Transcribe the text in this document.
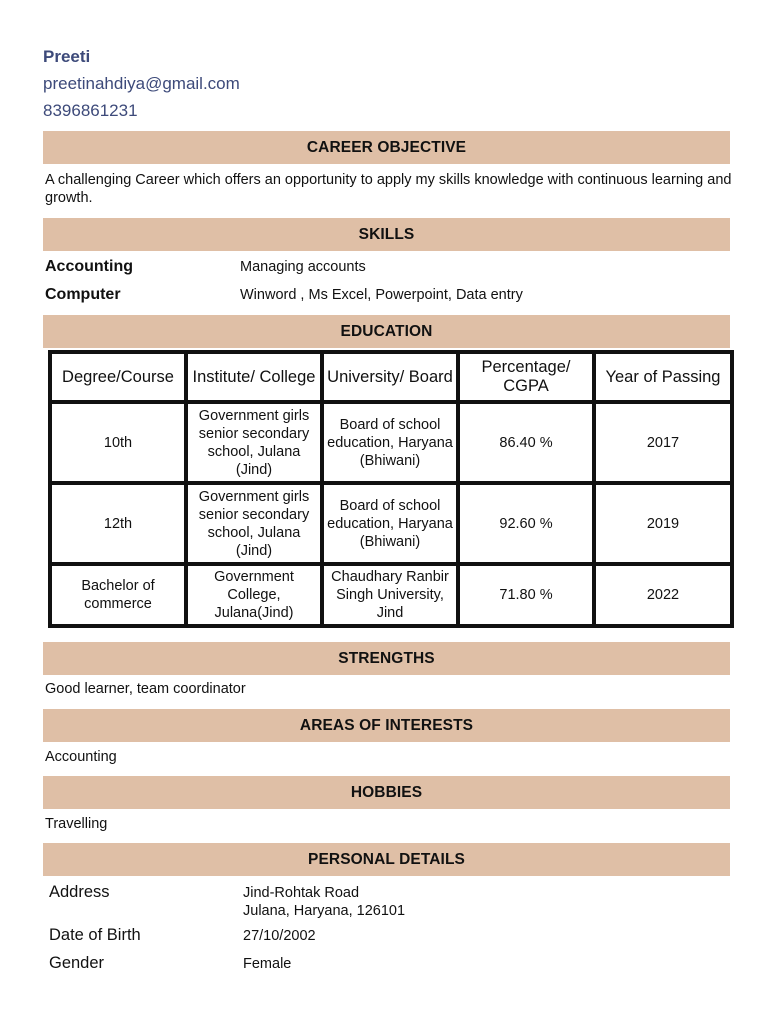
Preeti
preetinahdiya@gmail.com
8396861231
CAREER OBJECTIVE
A challenging Career which offers an opportunity to apply my skills knowledge with continuous learning and growth.
SKILLS
Accounting	Managing accounts
Computer	Winword , Ms Excel, Powerpoint, Data entry
EDUCATION
Degree/Course	Institute/ College	University/ Board	Percentage/ CGPA	Year of Passing
10th	Government girls senior secondary school, Julana (Jind)	Board of school education, Haryana (Bhiwani)	86.40 %	2017
12th	Government girls senior secondary school, Julana (Jind)	Board of school education, Haryana (Bhiwani)	92.60 %	2019
Bachelor of commerce	Government College, Julana(Jind)	Chaudhary Ranbir Singh University, Jind	71.80 %	2022
STRENGTHS
Good learner, team coordinator
AREAS OF INTERESTS
Accounting
HOBBIES
Travelling
PERSONAL DETAILS
Address	Jind-Rohtak Road
Julana, Haryana, 126101
Date of Birth	27/10/2002
Gender	Female
